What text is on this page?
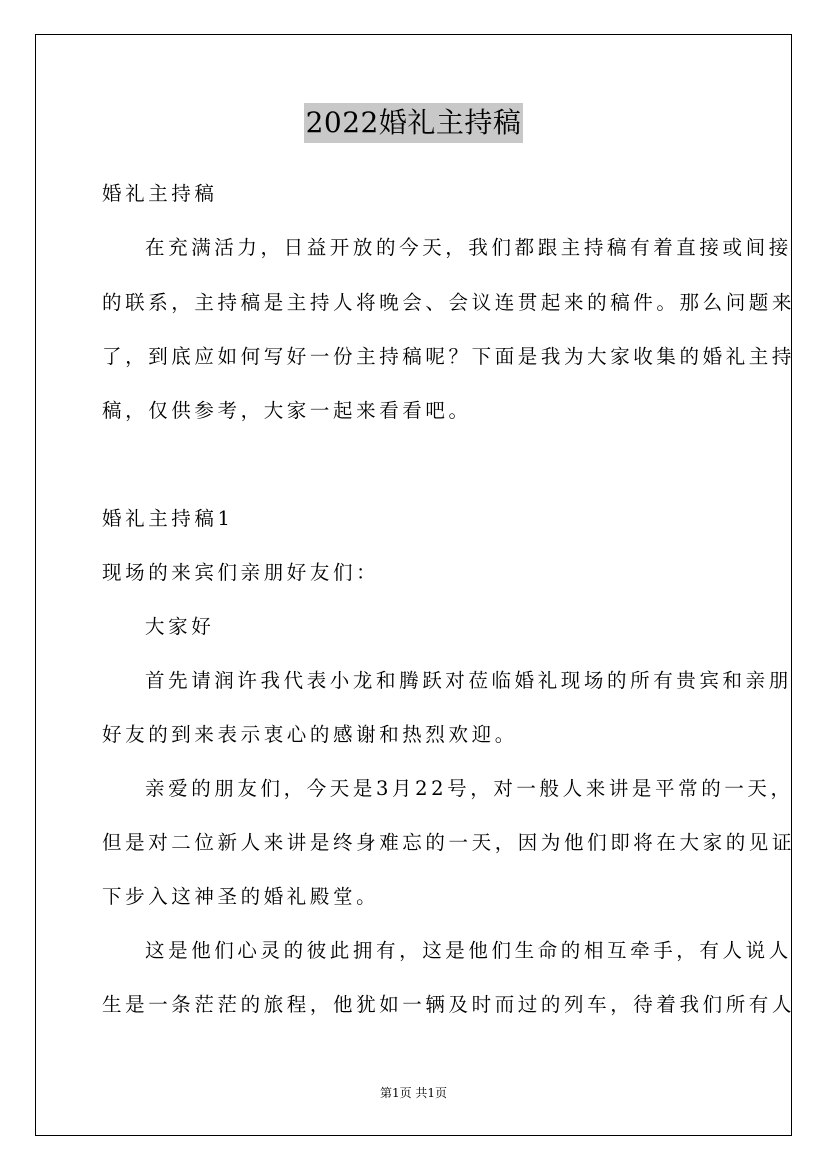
2022婚礼主持稿
婚礼主持稿
在充满活力，日益开放的今天，我们都跟主持稿有着直接或间接
的联系，主持稿是主持人将晚会、会议连贯起来的稿件。那么问题来
了，到底应如何写好一份主持稿呢？下面是我为大家收集的婚礼主持
稿，仅供参考，大家一起来看看吧。
婚礼主持稿1
现场的来宾们亲朋好友们：
大家好
首先请润许我代表小龙和腾跃对莅临婚礼现场的所有贵宾和亲朋
好友的到来表示衷心的感谢和热烈欢迎。
亲爱的朋友们，今天是3月22号，对一般人来讲是平常的一天，
但是对二位新人来讲是终身难忘的一天，因为他们即将在大家的见证
下步入这神圣的婚礼殿堂。
这是他们心灵的彼此拥有，这是他们生命的相互牵手，有人说人
生是一条茫茫的旅程，他犹如一辆及时而过的列车，待着我们所有人
第1页 共1页
